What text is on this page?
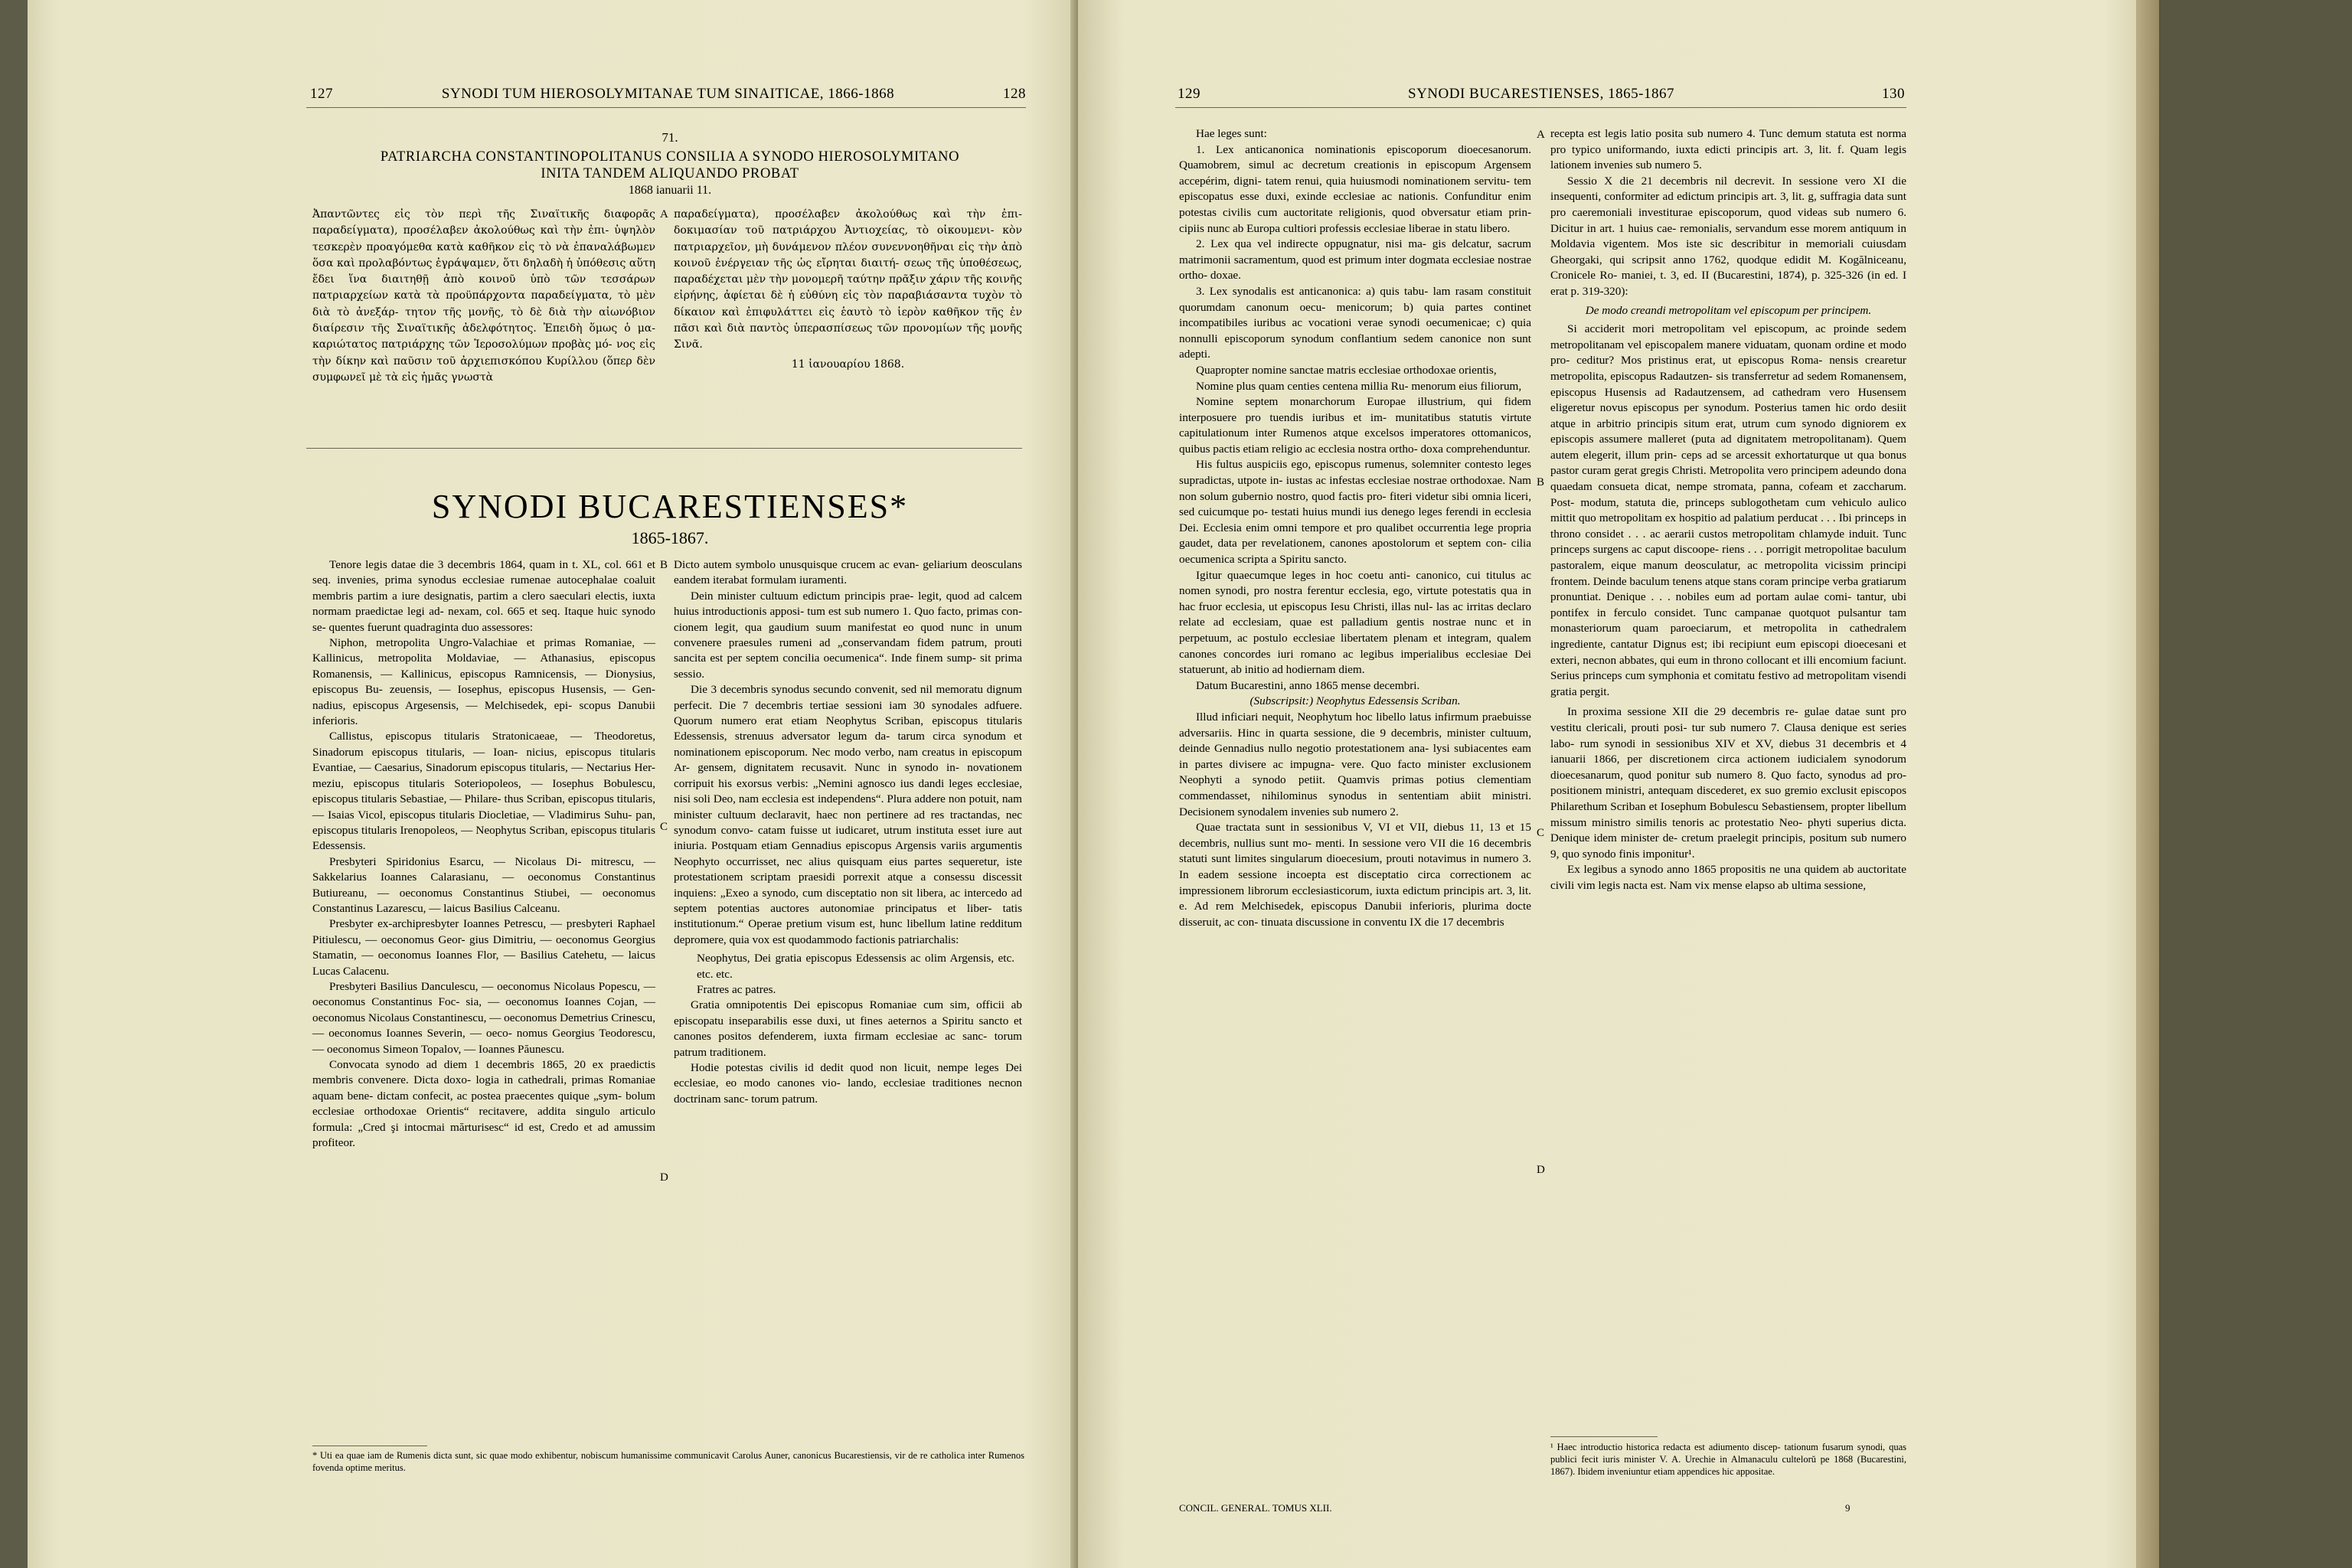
127	SYNODI TUM HIEROSOLYMITANAE TUM SINAITICAE, 1866-1868	128
71.
PATRIARCHA CONSTANTINOPOLITANUS CONSILIA A SYNODO HIEROSOLYMITANO
INITA TANDEM ALIQUANDO PROBAT
1868 ianuarii 11.

Ἀπαντῶντες εἰς τὸν περὶ τῆς Σιναϊτικῆς διαφορᾶς παραδείγματα), προσέλαβεν ἀκολούθως καὶ τὴν ἐπι- ὑψηλὸν τεσκερὲν προαγόμεθα κατὰ καθῆκον εἰς τὸ νὰ ἐπαναλάβωμεν ὅσα καὶ προλαβόντως ἐγράψαμεν, ὅτι δηλαδὴ ἡ ὑπόθεσις αὕτη ἔδει ἵνα διαιτηθῇ ἀπὸ κοινοῦ ὑπὸ τῶν τεσσάρων πατριαρχείων κατὰ τὰ προϋπάρχοντα παραδείγματα, τὸ μὲν διὰ τὸ ἀνεξάρ- τητον τῆς μονῆς, τὸ δὲ διὰ τὴν αἰωνόβιον διαίρεσιν τῆς Σιναϊτικῆς ἀδελφότητος. Ἐπειδὴ ὅμως ὁ μα- καριώτατος πατριάρχης τῶν Ἱεροσολύμων προβὰς μό- νος εἰς τὴν δίκην καὶ παῦσιν τοῦ ἀρχιεπισκόπου Κυρίλλου (ὅπερ δὲν συμφωνεῖ μὲ τὰ εἰς ἡμᾶς γνωστὰ

A παραδείγματα), προσέλαβεν ἀκολούθως καὶ τὴν ἐπι- δοκιμασίαν τοῦ πατριάρχου Ἀντιοχείας, τὸ οἰκουμενι- κὸν πατριαρχεῖον, μὴ δυνάμενον πλέον συνεννοηθῆναι εἰς τὴν ἀπὸ κοινοῦ ἐνέργειαν τῆς ὡς εἴρηται διαιτή- σεως τῆς ὑποθέσεως, παραδέχεται μὲν τὴν μονομερῆ ταύτην πρᾶξιν χάριν τῆς κοινῆς εἰρήνης, ἀφίεται δὲ ἡ εὐθύνη εἰς τὸν παραβιάσαντα τυχὸν τὸ δίκαιον καὶ ἐπιφυλάττει εἰς ἑαυτὸ τὸ ἱερὸν καθῆκον τῆς ἐν πᾶσι καὶ διὰ παντὸς ὑπερασπίσεως τῶν προνομίων τῆς μονῆς Σινᾶ.

11 ἰανουαρίου 1868.

SYNODI BUCARESTIENSES*
1865-1867.

Tenore legis datae die 3 decembris 1864, quam in t. XL, col. 661 et seq. invenies, prima synodus ecclesiae rumenae autocephalae coaluit membris partim a iure designatis, partim a clero saeculari electis, iuxta normam praedictae legi ad- nexam, col. 665 et seq. Itaque huic synodo se- quentes fuerunt quadraginta duo assessores:

Niphon, metropolita Ungro-Valachiae et primas Romaniae, — Kallinicus, metropolita Moldaviae, — Athanasius, episcopus Romanensis, — Kallinicus, episcopus Ramnicensis, — Dionysius, episcopus Bu- zeuensis, — Iosephus, episcopus Husensis, — Gen- nadius, episcopus Argesensis, — Melchisedek, epi- scopus Danubii inferioris.

Callistus, episcopus titularis Stratonicaeae, — Theodoretus, Sinadorum episcopus titularis, — Ioan- nicius, episcopus titularis Evantiae, — Caesarius, Sinadorum episcopus titularis, — Nectarius Her- meziu, episcopus titularis Soteriopoleos, — Iosephus Bobulescu, episcopus titularis Sebastiae, — Philare- thus Scriban, episcopus titularis, — Isaias Vicol, episcopus titularis Diocletiae, — Vladimirus Suhu- pan, episcopus titularis Irenopoleos, — Neophytus Scriban, episcopus titularis Edessensis.

Presbyteri Spiridonius Esarcu, — Nicolaus Di- mitrescu, — Sakkelarius Ioannes Calarasianu, — oeconomus Constantinus Butiureanu, — oeconomus Constantinus Stiubei, — oeconomus Constantinus Lazarescu, — laicus Basilius Calceanu.

Presbyter ex-archipresbyter Ioannes Petrescu, — presbyteri Raphael Pitiulescu, — oeconomus Geor- gius Dimitriu, — oeconomus Georgius Stamatin, — oeconomus Ioannes Flor, — Basilius Catehetu, — laicus Lucas Calacenu.

Presbyteri Basilius Danculescu, — oeconomus Nicolaus Popescu, — oeconomus Constantinus Foc- sia, — oeconomus Ioannes Cojan, — oeconomus Nicolaus Constantinescu, — oeconomus Demetrius Crinescu, — oeconomus Ioannes Severin, — oeco- nomus Georgius Teodorescu, — oeconomus Simeon Topalov, — Ioannes Păunescu.

Convocata synodo ad diem 1 decembris 1865, 20 ex praedictis membris convenere. Dicta doxo- logia in cathedrali, primas Romaniae aquam bene- dictam confecit, ac postea praecentes quique „sym- bolum ecclesiae orthodoxae Orientis“ recitavere, addita singulo articulo formula: „Cred şi intocmai mărturisesc“ id est, Credo et ad amussim profiteor.

B
C
D

Dicto autem symbolo unusquisque crucem ac evan- geliarium deosculans eandem iterabat formulam iuramenti.

Dein minister cultuum edictum principis prae- legit, quod ad calcem huius introductionis apposi- tum est sub numero 1. Quo facto, primas con- cionem legit, qua gaudium suum manifestat eo quod nunc in unum convenere praesules rumeni ad „conservandam fidem patrum, prouti sancita est per septem concilia oecumenica“. Inde finem sump- sit prima sessio.

Die 3 decembris synodus secundo convenit, sed nil memoratu dignum perfecit. Die 7 decembris tertiae sessioni iam 30 synodales adfuere. Quorum numero erat etiam Neophytus Scriban, episcopus titularis Edessensis, strenuus adversator legum da- tarum circa synodum et nominationem episcoporum. Nec modo verbo, nam creatus in episcopum Ar- gensem, dignitatem recusavit. Nunc in synodo in- novationem corripuit his exorsus verbis: „Nemini agnosco ius dandi leges ecclesiae, nisi soli Deo, nam ecclesia est independens“. Plura addere non potuit, nam minister cultuum declaravit, haec non pertinere ad res tractandas, nec synodum convo- catam fuisse ut iudicaret, utrum instituta esset iure aut iniuria. Postquam etiam Gennadius episcopus Argensis variis argumentis Neophyto occurrisset, nec alius quisquam eius partes sequeretur, iste protestationem scriptam praesidi porrexit atque a consessu discessit inquiens: „Exeo a synodo, cum disceptatio non sit libera, ac intercedo ad septem potentias auctores autonomiae principatus et liber- tatis institutionum.“ Operae pretium visum est, hunc libellum latine redditum depromere, quia vox est quodammodo factionis patriarchalis:

Neophytus, Dei gratia episcopus Edessensis ac olim Argensis, etc. etc. etc.

Fratres ac patres.

Gratia omnipotentis Dei episcopus Romaniae cum sim, officii ab episcopatu inseparabilis esse duxi, ut fines aeternos a Spiritu sancto et canones positos defenderem, iuxta firmam ecclesiae ac sanc- torum patrum traditionem.

Hodie potestas civilis id dedit quod non licuit, nempe leges Dei ecclesiae, eo modo canones vio- lando, ecclesiae traditiones necnon doctrinam sanc- torum patrum.

* Uti ea quae iam de Rumenis dicta sunt, sic quae modo exhibentur, nobiscum humanissime communicavit Carolus Auner, canonicus Bucarestiensis, vir de re catholica inter Rumenos fovenda optime meritus.
129	SYNODI BUCARESTIENSES, 1865-1867	130

Hae leges sunt:

1. Lex anticanonica nominationis episcoporum dioecesanorum. Quamobrem, simul ac decretum creationis in episcopum Argensem accepérim, digni- tatem renui, quia huiusmodi nominationem servitu- tem episcopatus esse duxi, exinde ecclesiae ac nationis. Confunditur enim potestas civilis cum auctoritate religionis, quod obversatur etiam prin- cipiis nunc ab Europa cultiori professis ecclesiae liberae in statu libero.

2. Lex qua vel indirecte oppugnatur, nisi ma- gis delcatur, sacrum matrimonii sacramentum, quod est primum inter dogmata ecclesiae nostrae ortho- doxae.

3. Lex synodalis est anticanonica: a) quis tabu- lam rasam constituit quorumdam canonum oecu- menicorum; b) quia partes continet incompatibiles iuribus ac vocationi verae synodi oecumenicae; c) quia nonnulli episcoporum synodum conflantium sedem canonice non sunt adepti.

Quapropter nomine sanctae matris ecclesiae orthodoxae orientis,

Nomine plus quam centies centena millia Ru- menorum eius filiorum,

Nomine septem monarchorum Europae illustrium, qui fidem interposuere pro tuendis iuribus et im- munitatibus statutis virtute capitulationum inter Rumenos atque excelsos imperatores ottomanicos, quibus pactis etiam religio ac ecclesia nostra ortho- doxa comprehenduntur.

His fultus auspiciis ego, episcopus rumenus, solemniter contesto leges supradictas, utpote in- iustas ac infestas ecclesiae nostrae orthodoxae. Nam non solum gubernio nostro, quod factis pro- fiteri videtur sibi omnia liceri, sed cuicumque po- testati huius mundi ius denego leges ferendi in ecclesia Dei. Ecclesia enim omni tempore et pro qualibet occurrentia lege propria gaudet, data per revelationem, canones apostolorum et septem con- cilia oecumenica scripta a Spiritu sancto.

Igitur quaecumque leges in hoc coetu anti- canonico, cui titulus ac nomen synodi, pro nostra ferentur ecclesia, ego, virtute potestatis qua in hac fruor ecclesia, ut episcopus Iesu Christi, illas nul- las ac irritas declaro relate ad ecclesiam, quae est palladium gentis nostrae nunc et in perpetuum, ac postulo ecclesiae libertatem plenam et integram, qualem canones concordes iuri romano ac legibus imperialibus ecclesiae Dei statuerunt, ab initio ad hodiernam diem.

Datum Bucarestini, anno 1865 mense decembri.

(Subscripsit:) Neophytus Edessensis Scriban.

Illud inficiari nequit, Neophytum hoc libello latus infirmum praebuisse adversariis. Hinc in quarta sessione, die 9 decembris, minister cultuum, deinde Gennadius nullo negotio protestationem ana- lysi subiacentes eam in partes divisere ac impugna- vere. Quo facto minister exclusionem Neophyti a synodo petiit. Quamvis primas potius clementiam commendasset, nihilominus synodus in sententiam abiit ministri. Decisionem synodalem invenies sub numero 2.

Quae tractata sunt in sessionibus V, VI et VII, diebus 11, 13 et 15 decembris, nullius sunt mo- menti. In sessione vero VII die 16 decembris statuti sunt limites singularum dioecesium, prouti notavimus in numero 3. In eadem sessione incoepta est disceptatio circa correctionem ac impressionem librorum ecclesiasticorum, iuxta edictum principis art. 3, lit. e. Ad rem Melchisedek, episcopus Danubii inferioris, plurima docte disseruit, ac con- tinuata discussione in conventu IX die 17 decembris

A
B
C
D

recepta est legis latio posita sub numero 4. Tunc demum statuta est norma pro typico uniformando, iuxta edicti principis art. 3, lit. f. Quam legis lationem invenies sub numero 5.

Sessio X die 21 decembris nil decrevit. In sessione vero XI die insequenti, conformiter ad edictum principis art. 3, lit. g, suffragia data sunt pro caeremoniali investiturae episcoporum, quod videas sub numero 6. Dicitur in art. 1 huius cae- remonialis, servandum esse morem antiquum in Moldavia vigentem. Mos iste sic describitur in memoriali cuiusdam Gheorgaki, qui scripsit anno 1762, quodque edidit M. Kogălniceanu, Cronicele Ro- maniei, t. 3, ed. II (Bucarestini, 1874), p. 325-326 (in ed. I erat p. 319-320):

De modo creandi metropolitam vel episcopum per principem.

Si acciderit mori metropolitam vel episcopum, ac proinde sedem metropolitanam vel episcopalem manere viduatam, quonam ordine et modo pro- ceditur? Mos pristinus erat, ut episcopus Roma- nensis crearetur metropolita, episcopus Radautzen- sis transferretur ad sedem Romanensem, episcopus Husensis ad Radautzensem, ad cathedram vero Husensem eligeretur novus episcopus per synodum. Posterius tamen hic ordo desiit atque in arbitrio principis situm erat, utrum cum synodo digniorem ex episcopis assumere malleret (puta ad dignitatem metropolitanam). Quem autem elegerit, illum prin- ceps ad se arcessit exhortaturque ut qua bonus pastor curam gerat gregis Christi. Metropolita vero principem adeundo dona quaedam consueta dicat, nempe stromata, panna, cofeam et zaccharum. Post- modum, statuta die, princeps sublogothetam cum vehiculo aulico mittit quo metropolitam ex hospitio ad palatium perducat . . . Ibi princeps in throno considet . . . ac aerarii custos metropolitam chlamyde induit. Tunc princeps surgens ac caput discoope- riens . . . porrigit metropolitae baculum pastoralem, eique manum deosculatur, ac metropolita vicissim principi frontem. Deinde baculum tenens atque stans coram principe verba gratiarum pronuntiat. Denique . . . nobiles eum ad portam aulae comi- tantur, ubi pontifex in ferculo considet. Tunc campanae quotquot pulsantur tam monasteriorum quam paroeciarum, et metropolita in cathedralem ingrediente, cantatur Dignus est; ibi recipiunt eum episcopi dioecesani et exteri, necnon abbates, qui eum in throno collocant et illi encomium faciunt. Serius princeps cum symphonia et comitatu festivo ad metropolitam visendi gratia pergit.

In proxima sessione XII die 29 decembris re- gulae datae sunt pro vestitu clericali, prouti posi- tur sub numero 7. Clausa denique est series labo- rum synodi in sessionibus XIV et XV, diebus 31 decembris et 4 ianuarii 1866, per discretionem circa actionem iudicialem synodorum dioecesanarum, quod ponitur sub numero 8. Quo facto, synodus ad pro- positionem ministri, antequam discederet, ex suo gremio exclusit episcopos Philarethum Scriban et Iosephum Bobulescu Sebastiensem, propter libellum missum ministro similis tenoris ac protestatio Neo- phyti superius dicta. Denique idem minister de- cretum praelegit principis, positum sub numero 9, quo synodo finis imponitur¹.

Ex legibus a synodo anno 1865 propositis ne una quidem ab auctoritate civili vim legis nacta est. Nam vix mense elapso ab ultima sessione,

¹ Haec introductio historica redacta est adiumento discep- tationum fusarum synodi, quas publici fecit iuris minister V. A. Urechie in Almanaculu cultelorŭ pe 1868 (Bucarestini, 1867). Ibidem inveniuntur etiam appendices hic appositae.
CONCIL. GENERAL. TOMUS XLII.	9
